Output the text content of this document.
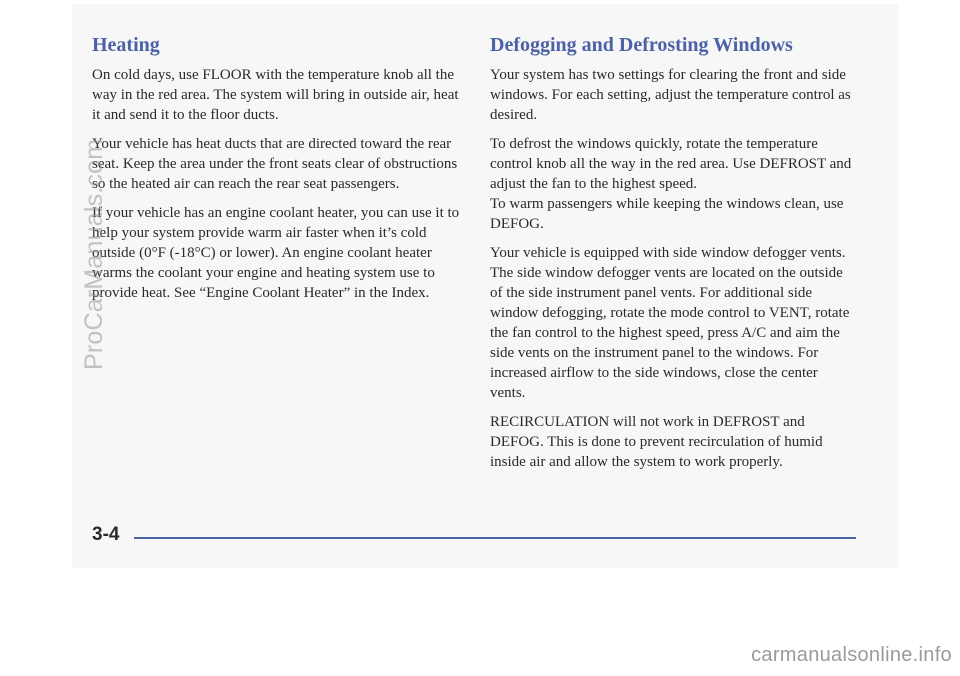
Heating

On cold days, use FLOOR with the temperature knob all the way in the red area. The system will bring in outside air, heat it and send it to the floor ducts.

Your vehicle has heat ducts that are directed toward the rear seat. Keep the area under the front seats clear of obstructions so the heated air can reach the rear seat passengers.

If your vehicle has an engine coolant heater, you can use it to help your system provide warm air faster when it’s cold outside (0°F (-18°C) or lower). An engine coolant heater warms the coolant your engine and heating system use to provide heat. See “Engine Coolant Heater” in the Index.

Defogging and Defrosting Windows

Your system has two settings for clearing the front and side windows. For each setting, adjust the temperature control as desired.

To defrost the windows quickly, rotate the temperature control knob all the way in the red area. Use DEFROST and adjust the fan to the highest speed.

To warm passengers while keeping the windows clean, use DEFOG.

Your vehicle is equipped with side window defogger vents. The side window defogger vents are located on the outside of the side instrument panel vents. For additional side window defogging, rotate the mode control to VENT, rotate the fan control to the highest speed, press A/C and aim the side vents on the instrument panel to the windows. For increased airflow to the side windows, close the center vents.

RECIRCULATION will not work in DEFROST and DEFOG. This is done to prevent recirculation of humid inside air and allow the system to work properly.

ProCarManuals.com
3-4
carmanualsonline.info
